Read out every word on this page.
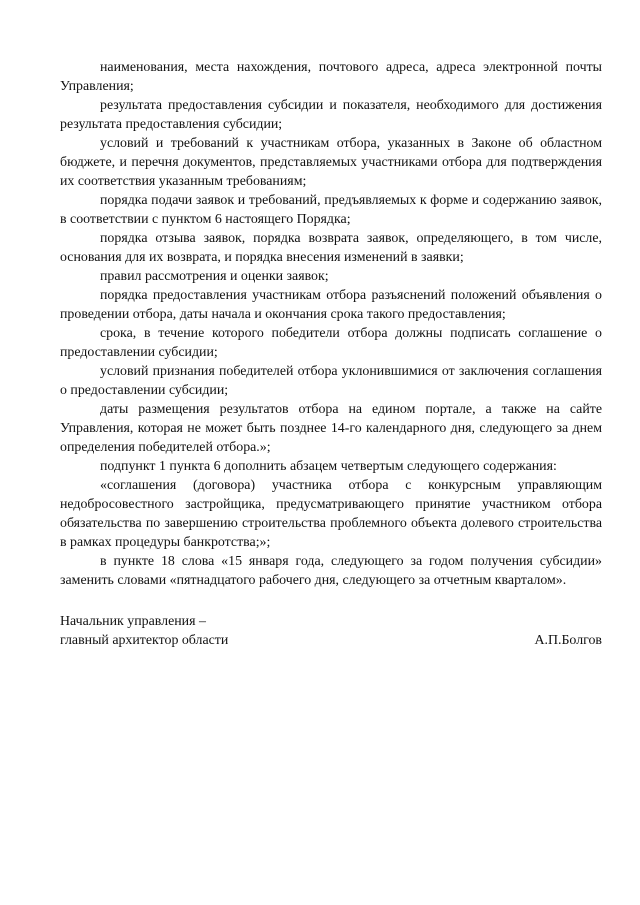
наименования, места нахождения, почтового адреса, адреса электронной почты Управления;

результата предоставления субсидии и показателя, необходимого для достижения результата предоставления субсидии;

условий и требований к участникам отбора, указанных в Законе об областном бюджете, и перечня документов, представляемых участниками отбора для подтверждения их соответствия указанным требованиям;

порядка подачи заявок и требований, предъявляемых к форме и содержанию заявок, в соответствии с пунктом 6 настоящего Порядка;

порядка отзыва заявок, порядка возврата заявок, определяющего, в том числе, основания для их возврата, и порядка внесения изменений в заявки;

правил рассмотрения и оценки заявок;

порядка предоставления участникам отбора разъяснений положений объявления о проведении отбора, даты начала и окончания срока такого предоставления;

срока, в течение которого победители отбора должны подписать соглашение о предоставлении субсидии;

условий признания победителей отбора уклонившимися от заключения соглашения о предоставлении субсидии;

даты размещения результатов отбора на едином портале, а также на сайте Управления, которая не может быть позднее 14-го календарного дня, следующего за днем определения победителей отбора.»;

подпункт 1 пункта 6 дополнить абзацем четвертым следующего содержания:

«соглашения (договора) участника отбора с конкурсным управляющим недобросовестного застройщика, предусматривающего принятие участником отбора обязательства по завершению строительства проблемного объекта долевого строительства в рамках процедуры банкротства;»;

в пункте 18 слова «15 января года, следующего за годом получения субсидии» заменить словами «пятнадцатого рабочего дня, следующего за отчетным кварталом».

Начальник управления –
главный архитектор области	А.П.Болгов
